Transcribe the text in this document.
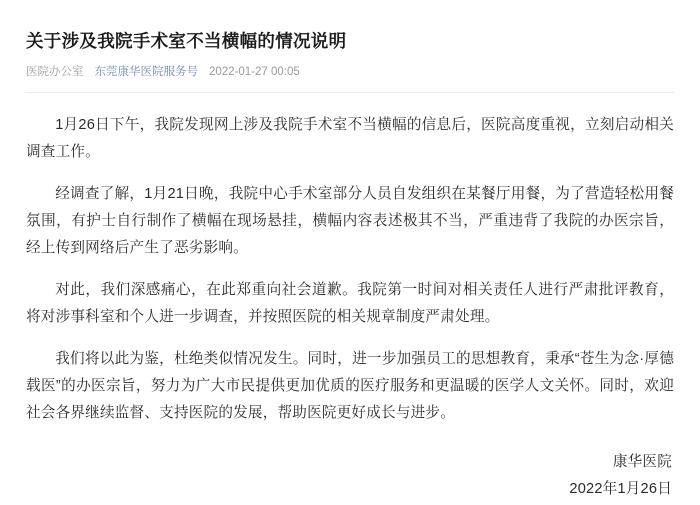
关于涉及我院手术室不当横幅的情况说明
医院办公室 东莞康华医院服务号 2022-01-27 00:05

1月26日下午，我院发现网上涉及我院手术室不当横幅的信息后，医院高度重视，立刻启动相关调查工作。

经调查了解，1月21日晚，我院中心手术室部分人员自发组织在某餐厅用餐，为了营造轻松用餐氛围，有护士自行制作了横幅在现场悬挂，横幅内容表述极其不当，严重违背了我院的办医宗旨，经上传到网络后产生了恶劣影响。

对此，我们深感痛心，在此郑重向社会道歉。我院第一时间对相关责任人进行严肃批评教育，将对涉事科室和个人进一步调查，并按照医院的相关规章制度严肃处理。

我们将以此为鉴，杜绝类似情况发生。同时，进一步加强员工的思想教育，秉承“苍生为念·厚德载医”的办医宗旨，努力为广大市民提供更加优质的医疗服务和更温暖的医学人文关怀。同时，欢迎社会各界继续监督、支持医院的发展，帮助医院更好成长与进步。

康华医院
2022年1月26日
